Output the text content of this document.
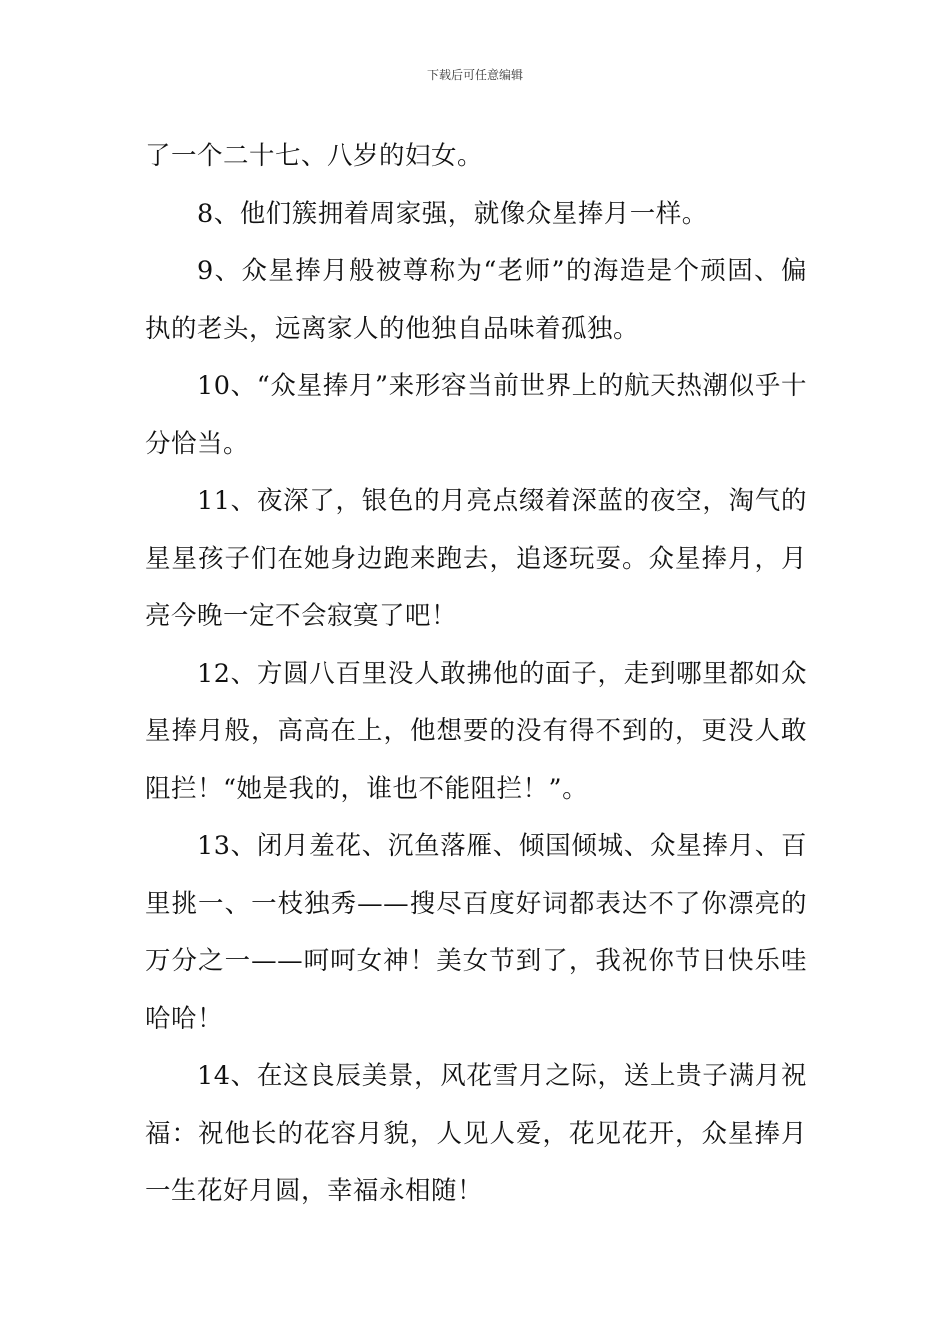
下载后可任意编辑

了一个二十七、八岁的妇女。

8、他们簇拥着周家强，就像众星捧月一样。

9、众星捧月般被尊称为“老师”的海造是个顽固、偏执的老头，远离家人的他独自品味着孤独。

10、“众星捧月”来形容当前世界上的航天热潮似乎十分恰当。

11、夜深了，银色的月亮点缀着深蓝的夜空，淘气的星星孩子们在她身边跑来跑去，追逐玩耍。众星捧月，月亮今晚一定不会寂寞了吧！

12、方圆八百里没人敢拂他的面子，走到哪里都如众星捧月般，高高在上，他想要的没有得不到的，更没人敢阻拦！“她是我的，谁也不能阻拦！”。

13、闭月羞花、沉鱼落雁、倾国倾城、众星捧月、百里挑一、一枝独秀——搜尽百度好词都表达不了你漂亮的万分之一——呵呵女神！美女节到了，我祝你节日快乐哇哈哈！

14、在这良辰美景，风花雪月之际，送上贵子满月祝福：祝他长的花容月貌，人见人爱，花见花开，众星捧月一生花好月圆，幸福永相随！
